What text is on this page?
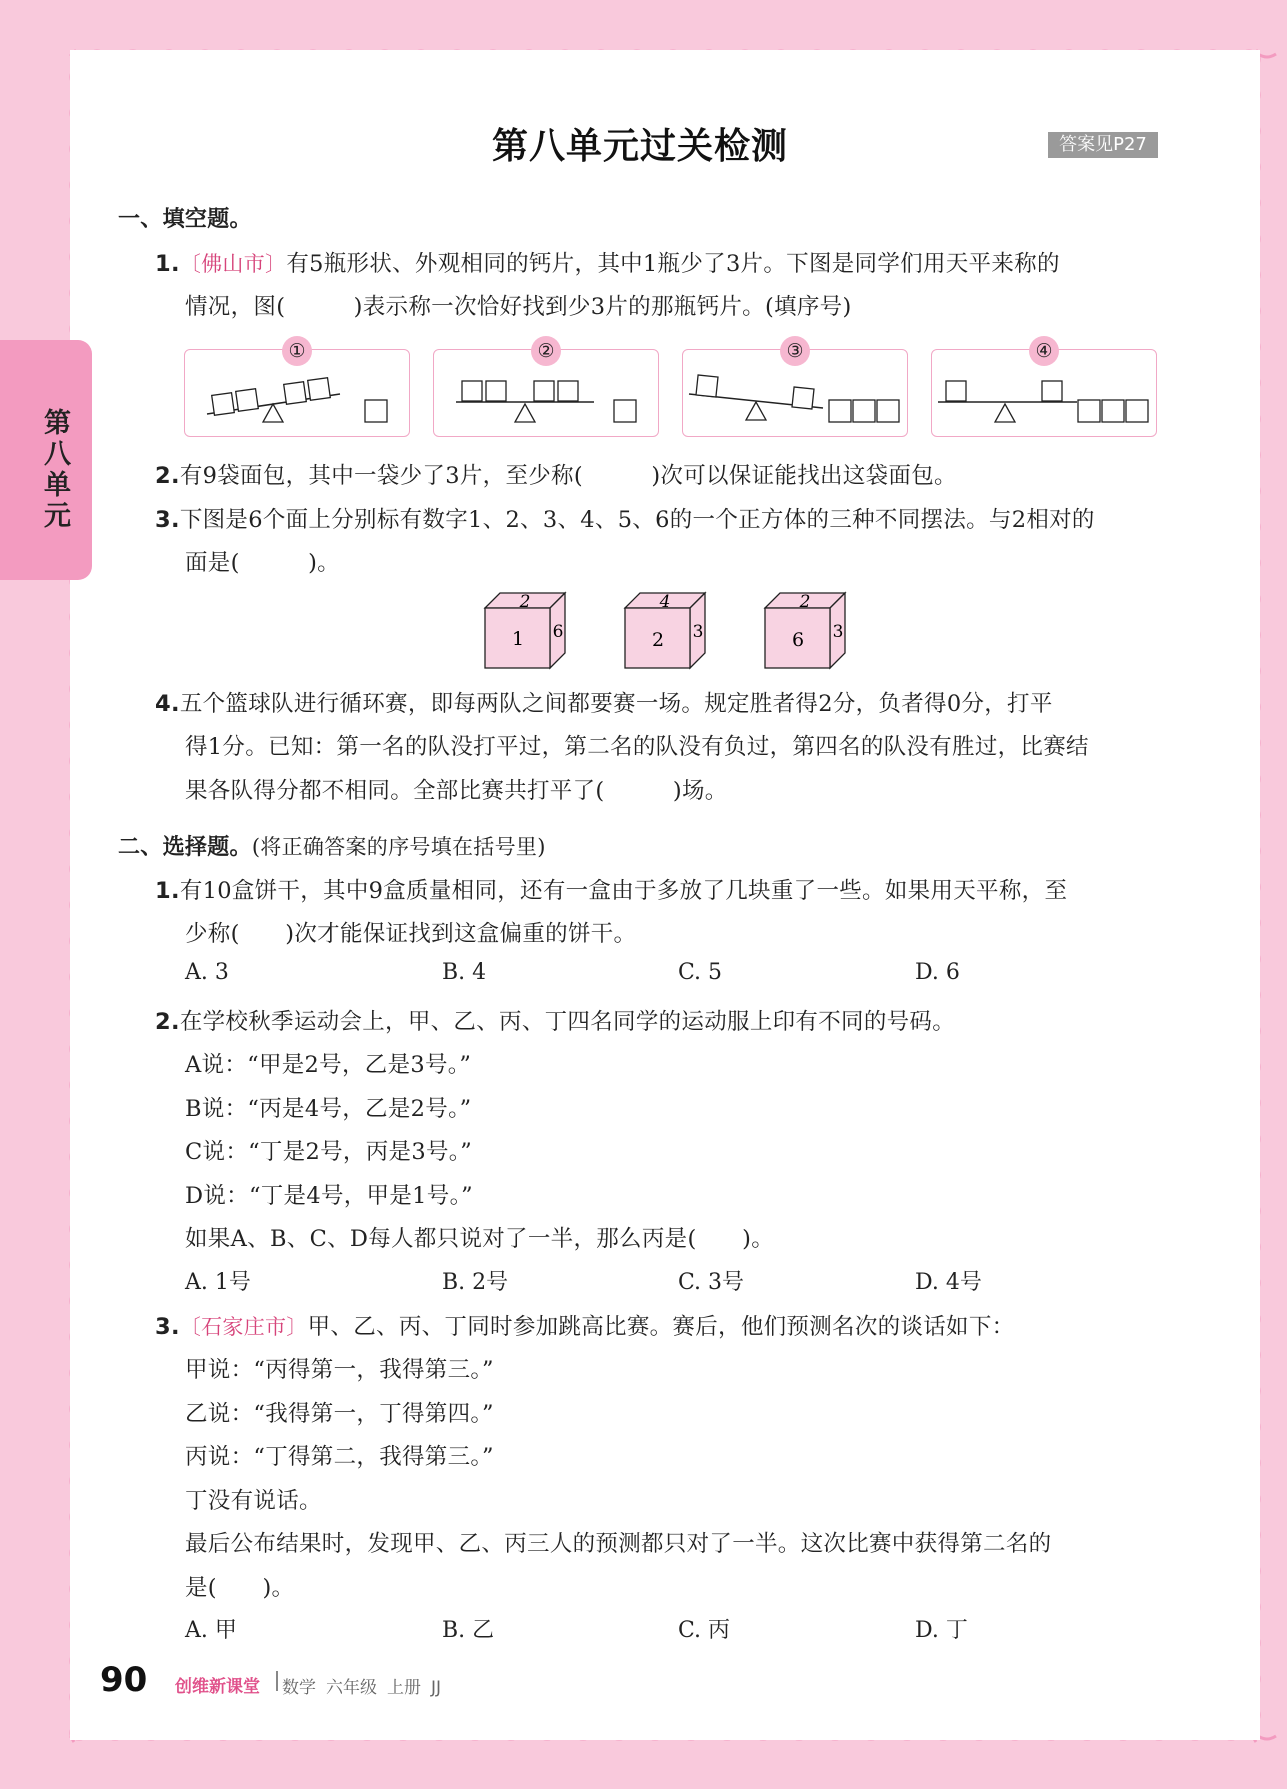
第八单元
第八单元过关检测	答案见P27
一、填空题。
1.〔佛山市〕有5瓶形状、外观相同的钙片，其中1瓶少了3片。下图是同学们用天平来称的
情况，图(　　　)表示称一次恰好找到少3片的那瓶钙片。(填序号)
①	②	③	④
2.有9袋面包，其中一袋少了3片，至少称(　　　)次可以保证能找出这袋面包。
3.下图是6个面上分别标有数字1、2、3、4、5、6的一个正方体的三种不同摆法。与2相对的
面是(　　　)。
1
2
6	2
4
3	6
2
3
4.五个篮球队进行循环赛，即每两队之间都要赛一场。规定胜者得2分，负者得0分，打平
得1分。已知：第一名的队没打平过，第二名的队没有负过，第四名的队没有胜过，比赛结
果各队得分都不相同。全部比赛共打平了(　　　)场。
二、选择题。(将正确答案的序号填在括号里)
1.有10盒饼干，其中9盒质量相同，还有一盒由于多放了几块重了一些。如果用天平称，至
少称(　　)次才能保证找到这盒偏重的饼干。
A. 3	B. 4	C. 5	D. 6
2.在学校秋季运动会上，甲、乙、丙、丁四名同学的运动服上印有不同的号码。
A说：“甲是2号，乙是3号。”
B说：“丙是4号，乙是2号。”
C说：“丁是2号，丙是3号。”
D说：“丁是4号，甲是1号。”
如果A、B、C、D每人都只说对了一半，那么丙是(　　)。
A. 1号	B. 2号	C. 3号	D. 4号
3.〔石家庄市〕甲、乙、丙、丁同时参加跳高比赛。赛后，他们预测名次的谈话如下：
甲说：“丙得第一，我得第三。”
乙说：“我得第一，丁得第四。”
丙说：“丁得第二，我得第三。”
丁没有说话。
最后公布结果时，发现甲、乙、丙三人的预测都只对了一半。这次比赛中获得第二名的
是(　　)。
A. 甲	B. 乙	C. 丙	D. 丁
90 创维新课堂 数学 六年级 上册 JJ
